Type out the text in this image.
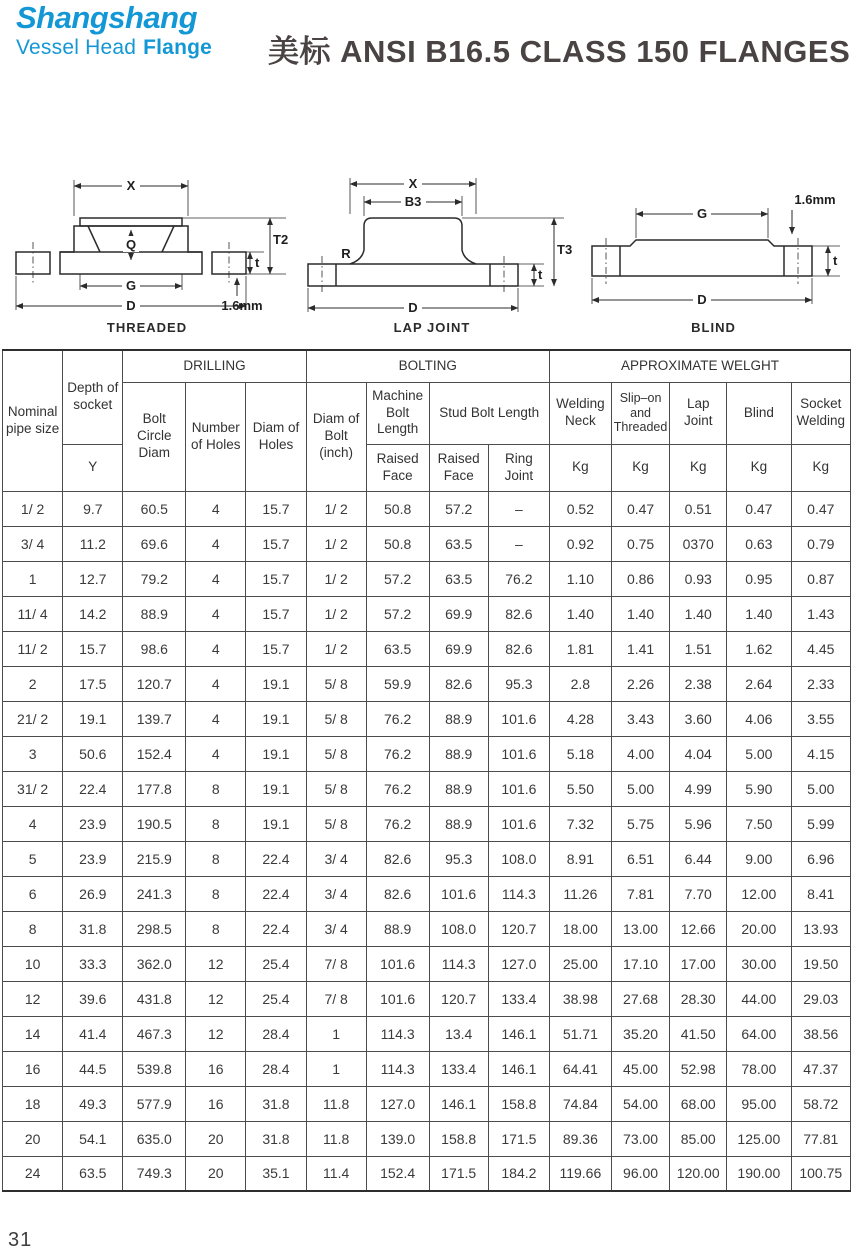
Shangshang
Vessel Head Flange 美标 ANSI B16.5 CLASS 150 FLANGES
X
Q
G
D
t
T2
1.6mm
THREADED
X
B3
R
D
t
T3
LAP JOINT
G
1.6mm
D
t
BLIND
Nominal pipe size	Depth of socket	DRILLING			BOLTING				APPROXIMATE WELGHT				
		Bolt Circle Diam	Number of Holes	Diam of Holes	Diam of Bolt (inch)	Machine Bolt Length	Stud Bolt Length		Welding Neck	Slip–on and Threaded	Lap Joint	Blind	Socket Welding
	Y					Raised Face	Raised Face	Ring Joint	Kg	Kg	Kg	Kg	Kg
1/ 2	9.7	60.5	4	15.7	1/ 2	50.8	57.2	–	0.52	0.47	0.51	0.47	0.47
3/ 4	11.2	69.6	4	15.7	1/ 2	50.8	63.5	–	0.92	0.75	0370	0.63	0.79
1	12.7	79.2	4	15.7	1/ 2	57.2	63.5	76.2	1.10	0.86	0.93	0.95	0.87
11/ 4	14.2	88.9	4	15.7	1/ 2	57.2	69.9	82.6	1.40	1.40	1.40	1.40	1.43
11/ 2	15.7	98.6	4	15.7	1/ 2	63.5	69.9	82.6	1.81	1.41	1.51	1.62	4.45
2	17.5	120.7	4	19.1	5/ 8	59.9	82.6	95.3	2.8	2.26	2.38	2.64	2.33
21/ 2	19.1	139.7	4	19.1	5/ 8	76.2	88.9	101.6	4.28	3.43	3.60	4.06	3.55
3	50.6	152.4	4	19.1	5/ 8	76.2	88.9	101.6	5.18	4.00	4.04	5.00	4.15
31/ 2	22.4	177.8	8	19.1	5/ 8	76.2	88.9	101.6	5.50	5.00	4.99	5.90	5.00
4	23.9	190.5	8	19.1	5/ 8	76.2	88.9	101.6	7.32	5.75	5.96	7.50	5.99
5	23.9	215.9	8	22.4	3/ 4	82.6	95.3	108.0	8.91	6.51	6.44	9.00	6.96
6	26.9	241.3	8	22.4	3/ 4	82.6	101.6	114.3	11.26	7.81	7.70	12.00	8.41
8	31.8	298.5	8	22.4	3/ 4	88.9	108.0	120.7	18.00	13.00	12.66	20.00	13.93
10	33.3	362.0	12	25.4	7/ 8	101.6	114.3	127.0	25.00	17.10	17.00	30.00	19.50
12	39.6	431.8	12	25.4	7/ 8	101.6	120.7	133.4	38.98	27.68	28.30	44.00	29.03
14	41.4	467.3	12	28.4	1	114.3	13.4	146.1	51.71	35.20	41.50	64.00	38.56
16	44.5	539.8	16	28.4	1	114.3	133.4	146.1	64.41	45.00	52.98	78.00	47.37
18	49.3	577.9	16	31.8	11.8	127.0	146.1	158.8	74.84	54.00	68.00	95.00	58.72
20	54.1	635.0	20	31.8	11.8	139.0	158.8	171.5	89.36	73.00	85.00	125.00	77.81
24	63.5	749.3	20	35.1	11.4	152.4	171.5	184.2	119.66	96.00	120.00	190.00	100.75
31
